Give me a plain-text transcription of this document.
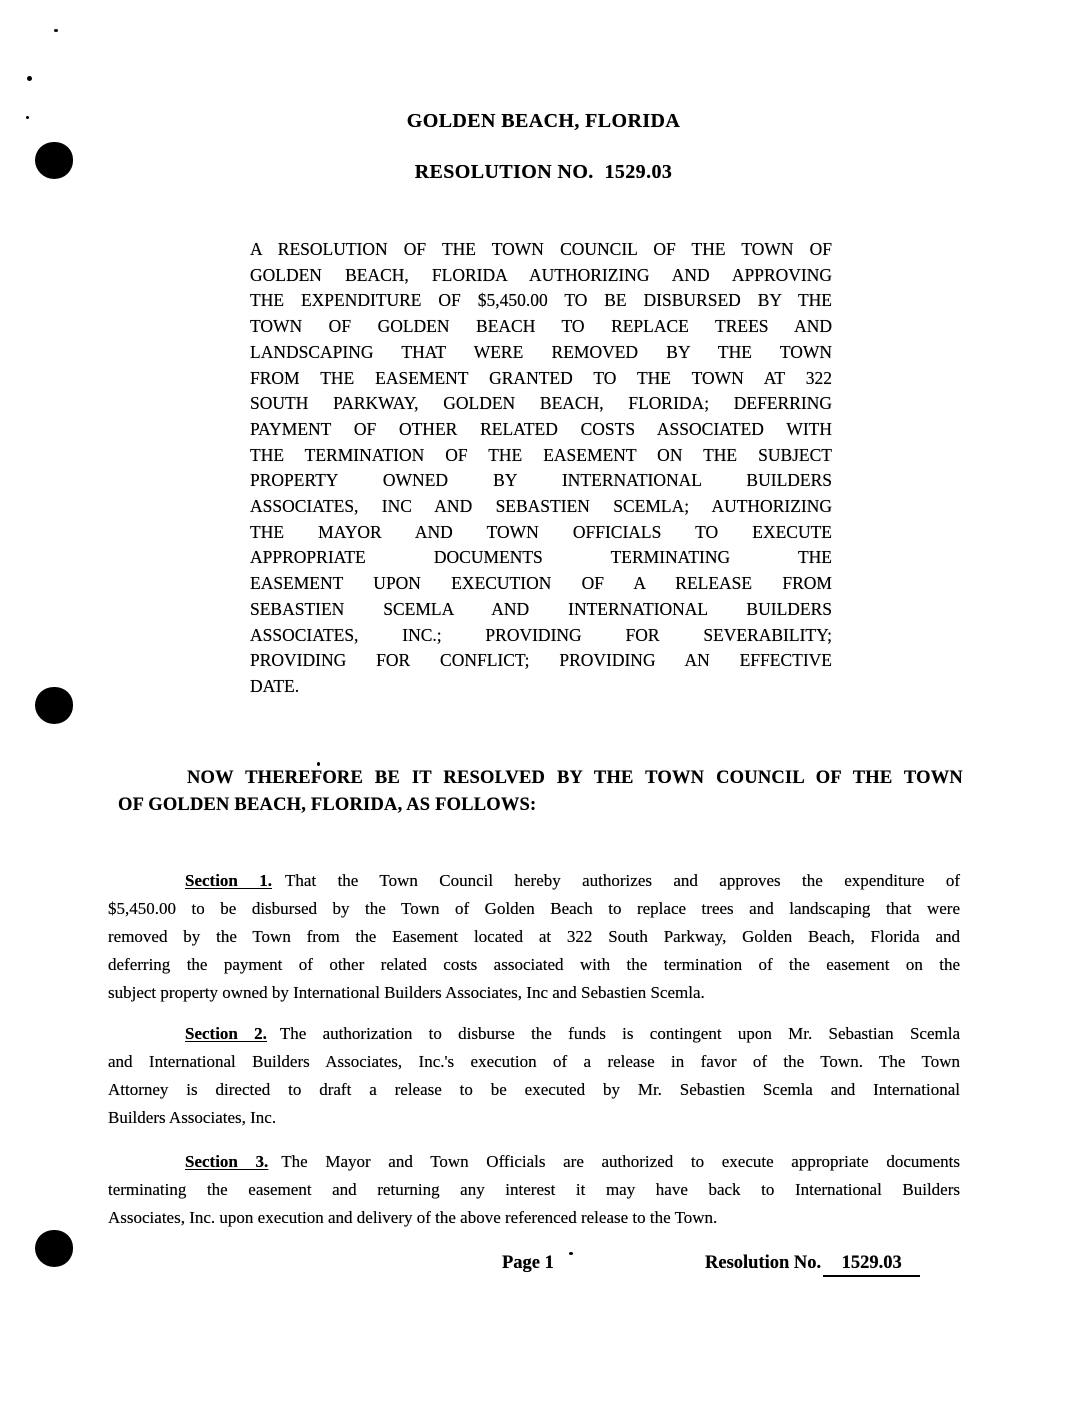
GOLDEN BEACH, FLORIDA
RESOLUTION NO.  1529.03
A RESOLUTION OF THE TOWN COUNCIL OF THE TOWN OF
GOLDEN BEACH, FLORIDA AUTHORIZING AND APPROVING
THE EXPENDITURE OF $5,450.00 TO BE DISBURSED BY THE
TOWN OF GOLDEN BEACH TO REPLACE TREES AND
LANDSCAPING THAT WERE REMOVED BY THE TOWN
FROM THE EASEMENT GRANTED TO THE TOWN AT 322
SOUTH PARKWAY, GOLDEN BEACH, FLORIDA; DEFERRING
PAYMENT OF OTHER RELATED COSTS ASSOCIATED WITH
THE TERMINATION OF THE EASEMENT ON THE SUBJECT
PROPERTY OWNED BY INTERNATIONAL BUILDERS
ASSOCIATES, INC AND SEBASTIEN SCEMLA; AUTHORIZING
THE MAYOR AND TOWN OFFICIALS TO EXECUTE
APPROPRIATE DOCUMENTS TERMINATING THE
EASEMENT UPON EXECUTION OF A RELEASE FROM
SEBASTIEN SCEMLA AND INTERNATIONAL BUILDERS
ASSOCIATES, INC.; PROVIDING FOR SEVERABILITY;
PROVIDING FOR CONFLICT; PROVIDING AN EFFECTIVE
DATE.
NOW THEREFORE BE IT RESOLVED BY THE TOWN COUNCIL OF THE TOWN
OF GOLDEN BEACH, FLORIDA, AS FOLLOWS:
Section 1. That the Town Council hereby authorizes and approves the expenditure of
$5,450.00 to be disbursed by the Town of Golden Beach to replace trees and landscaping that were
removed by the Town from the Easement located at 322 South Parkway, Golden Beach, Florida and
deferring the payment of other related costs associated with the termination of the easement on the
subject property owned by International Builders Associates, Inc and Sebastien Scemla.
Section 2. The authorization to disburse the funds is contingent upon Mr. Sebastian Scemla
and International Builders Associates, Inc.'s execution of a release in favor of the Town. The Town
Attorney is directed to draft a release to be executed by Mr. Sebastien Scemla and International
Builders Associates, Inc.
Section 3. The Mayor and Town Officials are authorized to execute appropriate documents
terminating the easement and returning any interest it may have back to International Builders
Associates, Inc. upon execution and delivery of the above referenced release to the Town.
Page 1	Resolution No. 1529.03
